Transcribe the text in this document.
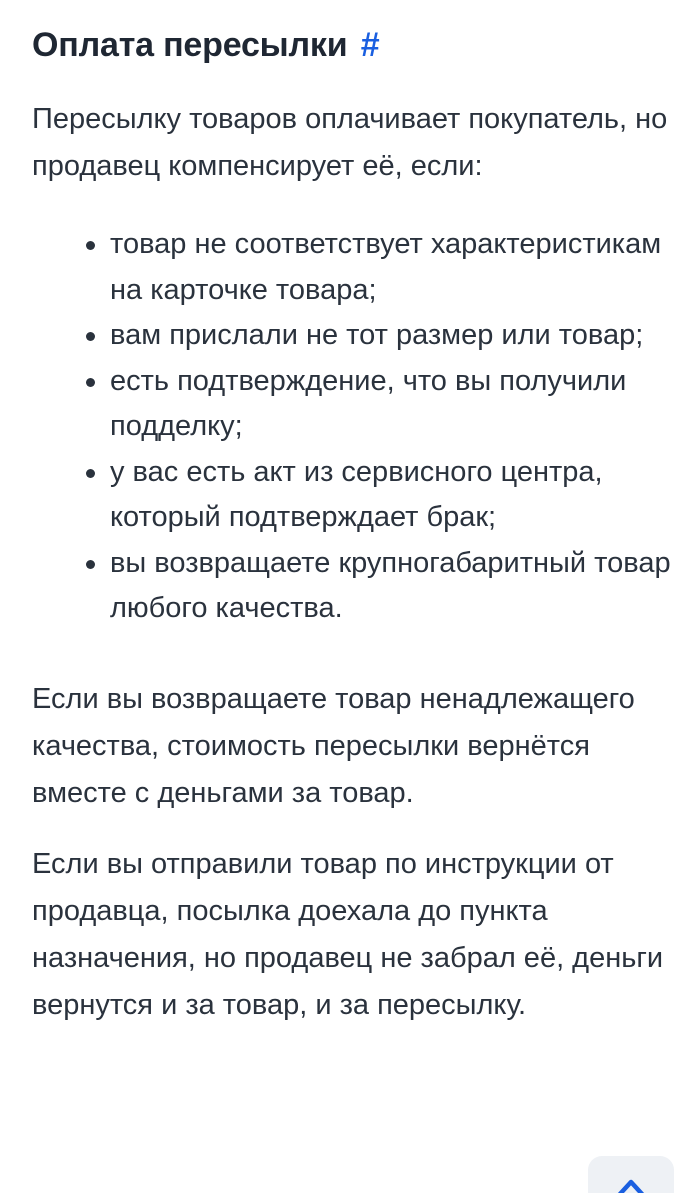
Оплата пересылки #

Пересылку товаров оплачивает покупатель, но продавец компенсирует её, если:

товар не соответствует характеристикам на карточке товара;
вам прислали не тот размер или товар;
есть подтверждение, что вы получили подделку;
у вас есть акт из сервисного центра, который подтверждает брак;
вы возвращаете крупногабаритный товар любого качества.

Если вы возвращаете товар ненадлежащего качества, стоимость пересылки вернётся вместе с деньгами за товар.

Если вы отправили товар по инструкции от продавца, посылка доехала до пункта назначения, но продавец не забрал её, деньги вернутся и за товар, и за пересылку.
